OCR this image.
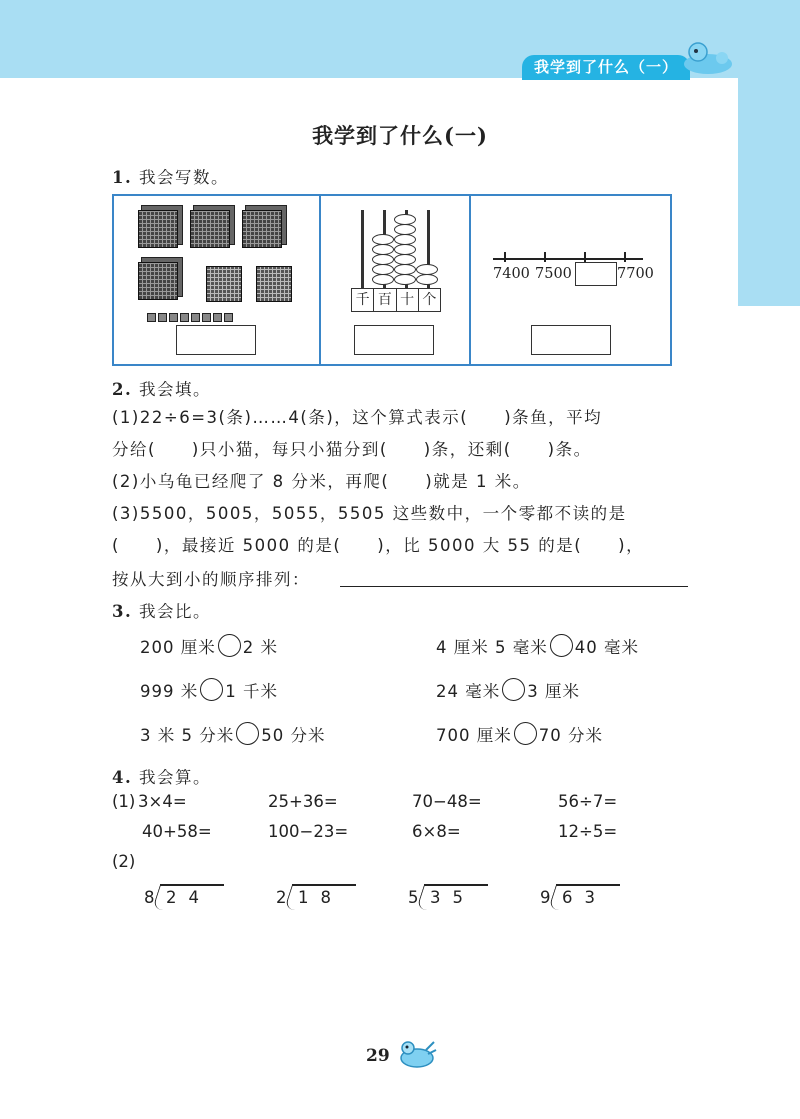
我学到了什么（一）
我学到了什么(一)
1. 我会写数。
千 百 十 个
7400 7500	7700
2. 我会填。
(1)22÷6=3(条)……4(条)，这个算式表示(　　)条鱼，平均
分给(　　)只小猫，每只小猫分到(　　)条，还剩(　　)条。
(2)小乌龟已经爬了 8 分米，再爬(　　)就是 1 米。
(3)5500，5005，5055，5505 这些数中，一个零都不读的是
(　　)，最接近 5000 的是(　　)，比 5000 大 55 的是(　　)，
按从大到小的顺序排列：
3. 我会比。
200 厘米 2 米	4 厘米 5 毫米 40 毫米
999 米 1 千米	24 毫米 3 厘米
3 米 5 分米 50 分米	700 厘米 70 分米
4. 我会算。
(1) 3×4=	25+36=	70−48=	56÷7=
40+58=	100−23=	6×8=	12÷5=
(2)
8 24	2 18	5 35	9 63
29
